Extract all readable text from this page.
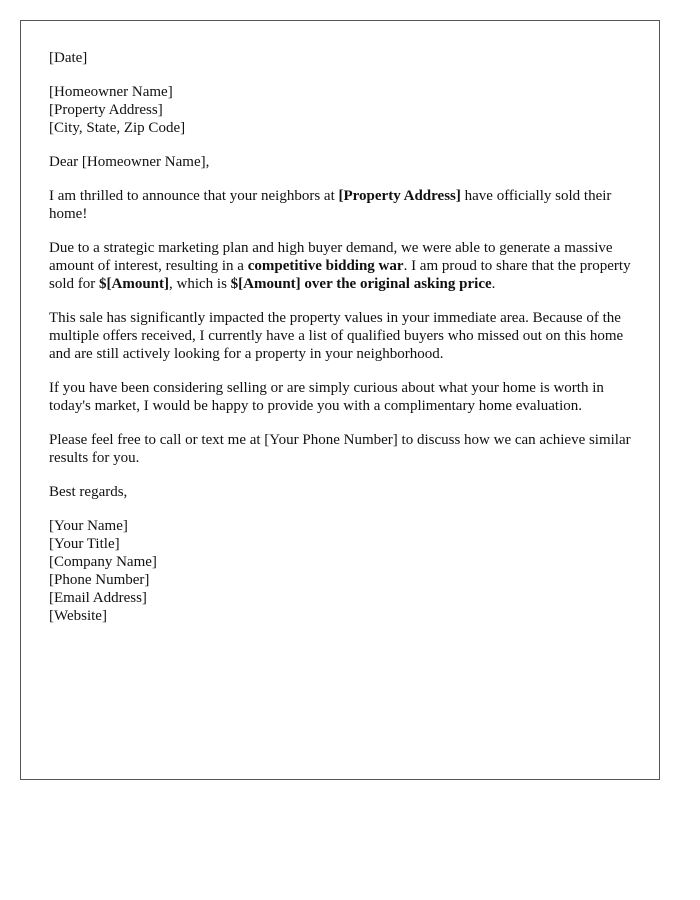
[Date]

[Homeowner Name]
[Property Address]
[City, State, Zip Code]

Dear [Homeowner Name],

I am thrilled to announce that your neighbors at [Property Address] have officially sold their home!

Due to a strategic marketing plan and high buyer demand, we were able to generate a massive amount of interest, resulting in a competitive bidding war. I am proud to share that the property sold for $[Amount], which is $[Amount] over the original asking price.

This sale has significantly impacted the property values in your immediate area. Because of the multiple offers received, I currently have a list of qualified buyers who missed out on this home and are still actively looking for a property in your neighborhood.

If you have been considering selling or are simply curious about what your home is worth in today's market, I would be happy to provide you with a complimentary home evaluation.

Please feel free to call or text me at [Your Phone Number] to discuss how we can achieve similar results for you.

Best regards,

[Your Name]
[Your Title]
[Company Name]
[Phone Number]
[Email Address]
[Website]
